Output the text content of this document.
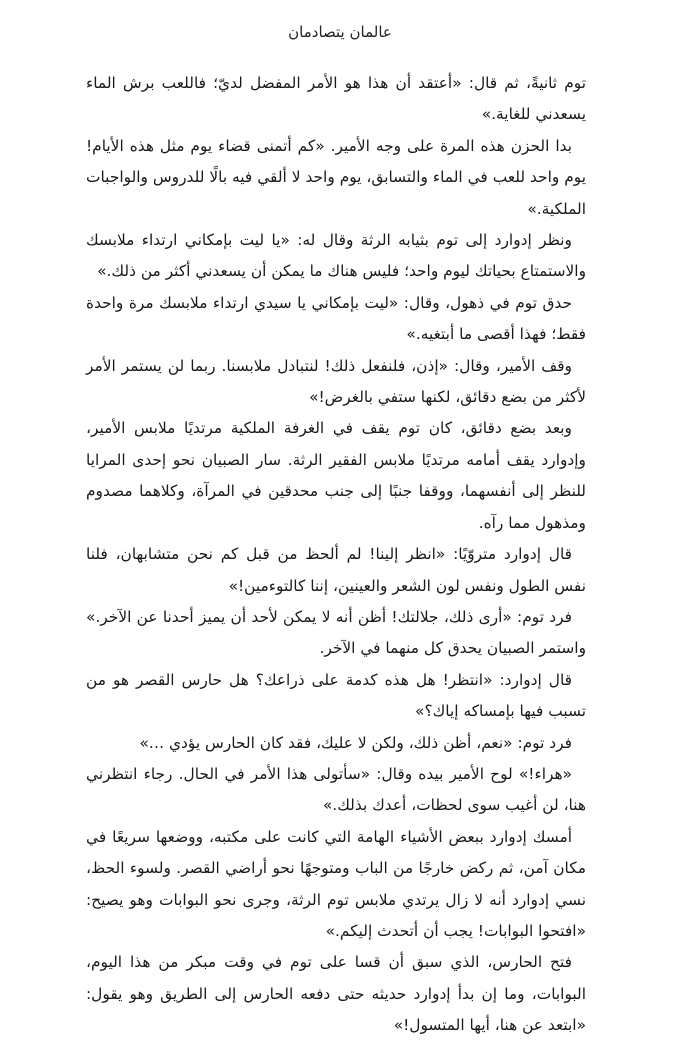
عالمان يتصادمان

توم ثانيةً، ثم قال: «أعتقد أن هذا هو الأمر المفضل لديّ؛ فاللعب برش الماء يسعدني للغاية.»

بدا الحزن هذه المرة على وجه الأمير. «كم أتمنى قضاء يوم مثل هذه الأيام! يوم واحد للعب في الماء والتسابق، يوم واحد لا ألقي فيه بالًا للدروس والواجبات الملكية.»

ونظر إدوارد إلى توم بثيابه الرثة وقال له: «يا ليت بإمكاني ارتداء ملابسك والاستمتاع بحياتك ليوم واحد؛ فليس هناك ما يمكن أن يسعدني أكثر من ذلك.»

حدق توم في ذهول، وقال: «ليت بإمكاني يا سيدي ارتداء ملابسك مرة واحدة فقط؛ فهذا أقصى ما أبتغيه.»

وقف الأمير، وقال: «إذن، فلنفعل ذلك! لنتبادل ملابسنا. ربما لن يستمر الأمر لأكثر من بضع دقائق، لكنها ستفي بالغرض!»

وبعد بضع دقائق، كان توم يقف في الغرفة الملكية مرتديًا ملابس الأمير، وإدوارد يقف أمامه مرتديًا ملابس الفقير الرثة. سار الصبيان نحو إحدى المرايا للنظر إلى أنفسهما، ووقفا جنبًا إلى جنب محدقين في المرآة، وكلاهما مصدوم ومذهول مما رآه.

قال إدوارد متروّيًا: «انظر إلينا! لم ألحظ من قبل كم نحن متشابهان، فلنا نفس الطول ونفس لون الشعر والعينين، إننا كالتوءمين!»

فرد توم: «أرى ذلك، جلالتك! أظن أنه لا يمكن لأحد أن يميز أحدنا عن الآخر.» واستمر الصبيان يحدق كل منهما في الآخر.

قال إدوارد: «انتظر! هل هذه كدمة على ذراعك؟ هل حارس القصر هو من تسبب فيها بإمساكه إياك؟»

فرد توم: «نعم، أظن ذلك، ولكن لا عليك، فقد كان الحارس يؤدي …»

«هراء!» لوح الأمير بيده وقال: «سأتولى هذا الأمر في الحال. رجاء انتظرني هنا، لن أغيب سوى لحظات، أعدك بذلك.»

أمسك إدوارد ببعض الأشياء الهامة التي كانت على مكتبه، ووضعها سريعًا في مكان آمن، ثم ركض خارجًا من الباب ومتوجهًا نحو أراضي القصر. ولسوء الحظ، نسي إدوارد أنه لا زال يرتدي ملابس توم الرثة، وجرى نحو البوابات وهو يصيح: «افتحوا البوابات! يجب أن أتحدث إليكم.»

فتح الحارس، الذي سبق أن قسا على توم في وقت مبكر من هذا اليوم، البوابات، وما إن بدأ إدوارد حديثه حتى دفعه الحارس إلى الطريق وهو يقول: «ابتعد عن هنا، أيها المتسول!»
